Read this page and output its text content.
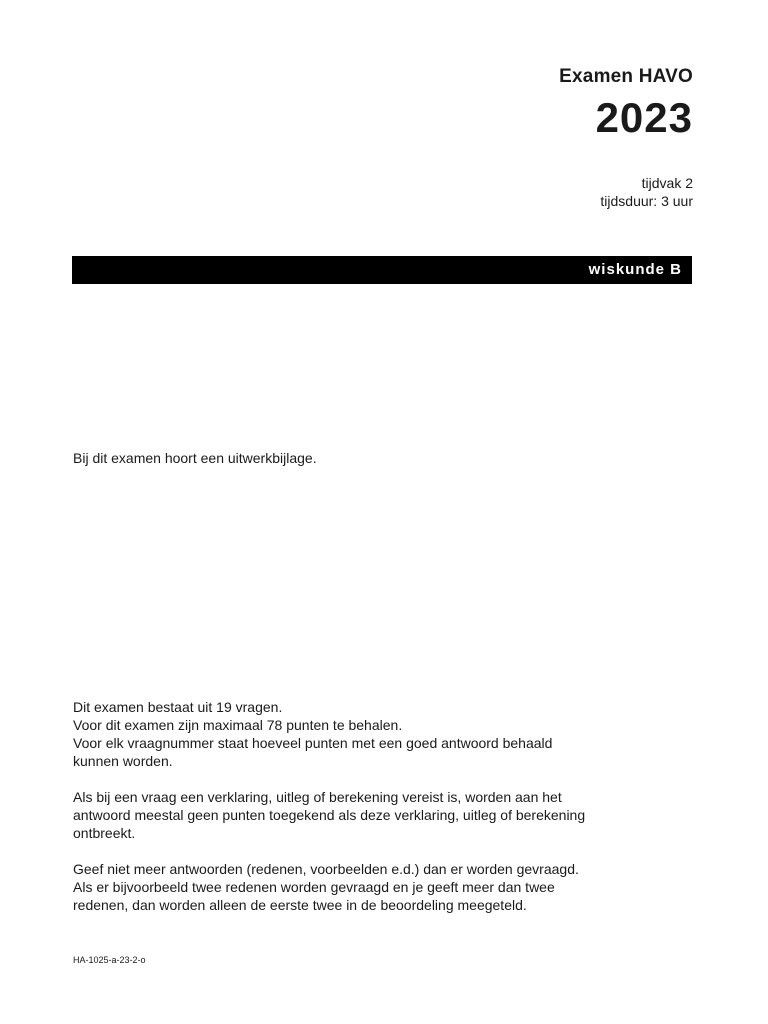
Examen HAVO
2023
tijdvak 2
tijdsduur: 3 uur
wiskunde B
Bij dit examen hoort een uitwerkbijlage.

Dit examen bestaat uit 19 vragen.
Voor dit examen zijn maximaal 78 punten te behalen.
Voor elk vraagnummer staat hoeveel punten met een goed antwoord behaald
kunnen worden.

Als bij een vraag een verklaring, uitleg of berekening vereist is, worden aan het
antwoord meestal geen punten toegekend als deze verklaring, uitleg of berekening
ontbreekt.

Geef niet meer antwoorden (redenen, voorbeelden e.d.) dan er worden gevraagd.
Als er bijvoorbeeld twee redenen worden gevraagd en je geeft meer dan twee
redenen, dan worden alleen de eerste twee in de beoordeling meegeteld.

HA-1025-a-23-2-o
